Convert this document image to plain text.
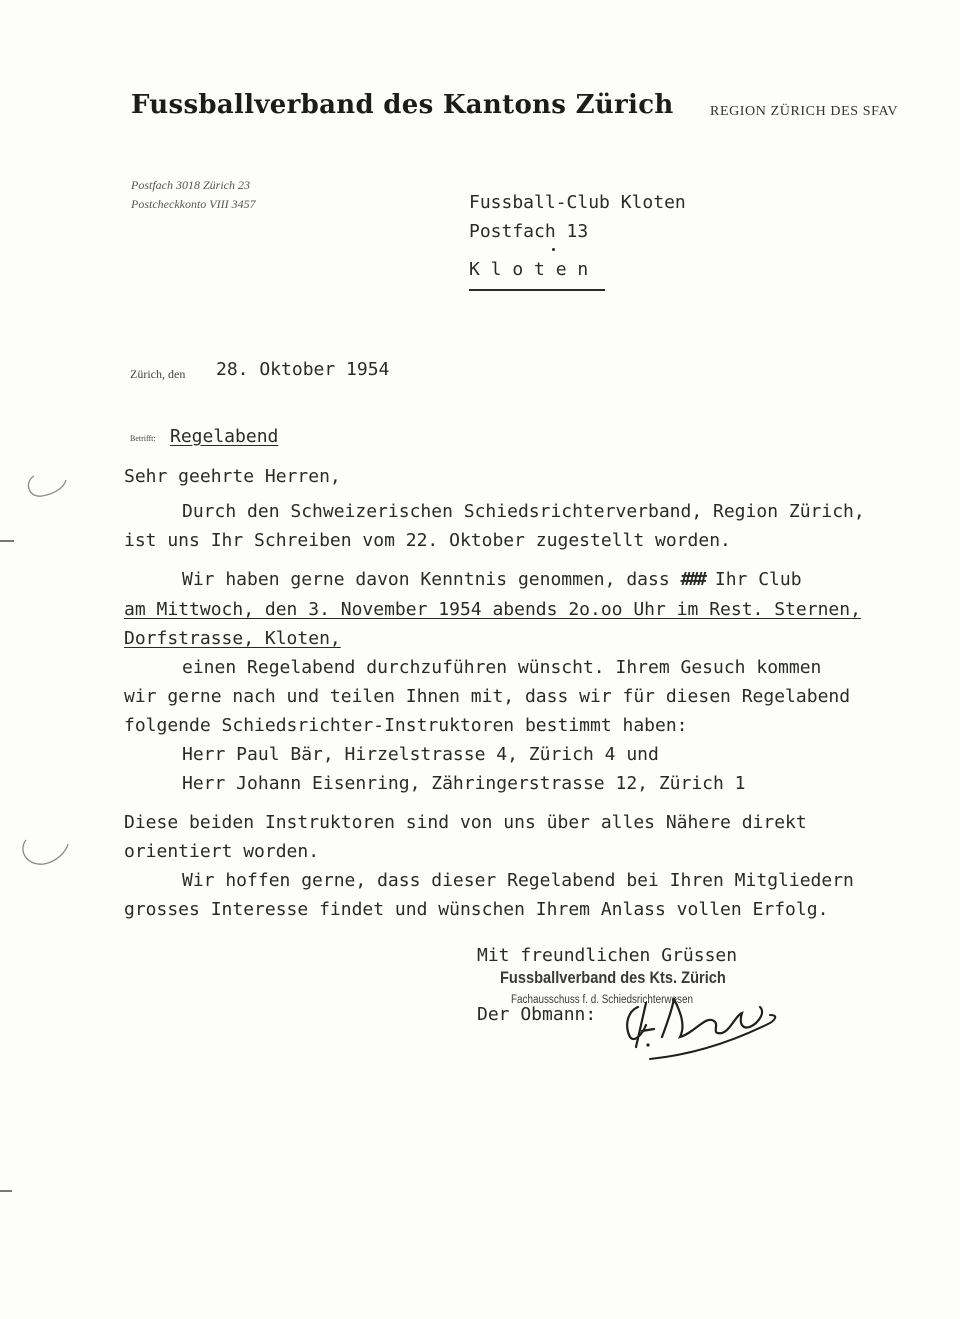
Fussballverband des Kantons Zürich	REGION ZÜRICH DES SFAV
Postfach 3018 Zürich 23
Postcheckkonto VIII 3457	Fussball-Club Kloten
Postfach 13
K l o t e n
Zürich, den 28. Oktober 1954
Betrifft: Regelabend
Sehr geehrte Herren,
Durch den Schweizerischen Schiedsrichterverband, Region Zürich,
ist uns Ihr Schreiben vom 22. Oktober zugestellt worden.
Wir haben gerne davon Kenntnis genommen, dass ### Ihr Club
am Mittwoch, den 3. November 1954 abends 2o.oo Uhr im Rest. Sternen,
Dorfstrasse, Kloten,
einen Regelabend durchzuführen wünscht. Ihrem Gesuch kommen
wir gerne nach und teilen Ihnen mit, dass wir für diesen Regelabend
folgende Schiedsrichter-Instruktoren bestimmt haben:
Herr Paul Bär, Hirzelstrasse 4, Zürich 4 und
Herr Johann Eisenring, Zähringerstrasse 12, Zürich 1
Diese beiden Instruktoren sind von uns über alles Nähere direkt
orientiert worden.
Wir hoffen gerne, dass dieser Regelabend bei Ihren Mitgliedern
grosses Interesse findet und wünschen Ihrem Anlass vollen Erfolg.
Mit freundlichen Grüssen
Fussballverband des Kts. Zürich
Fachausschuss f. d. Schiedsrichterwesen
Der Obmann:
